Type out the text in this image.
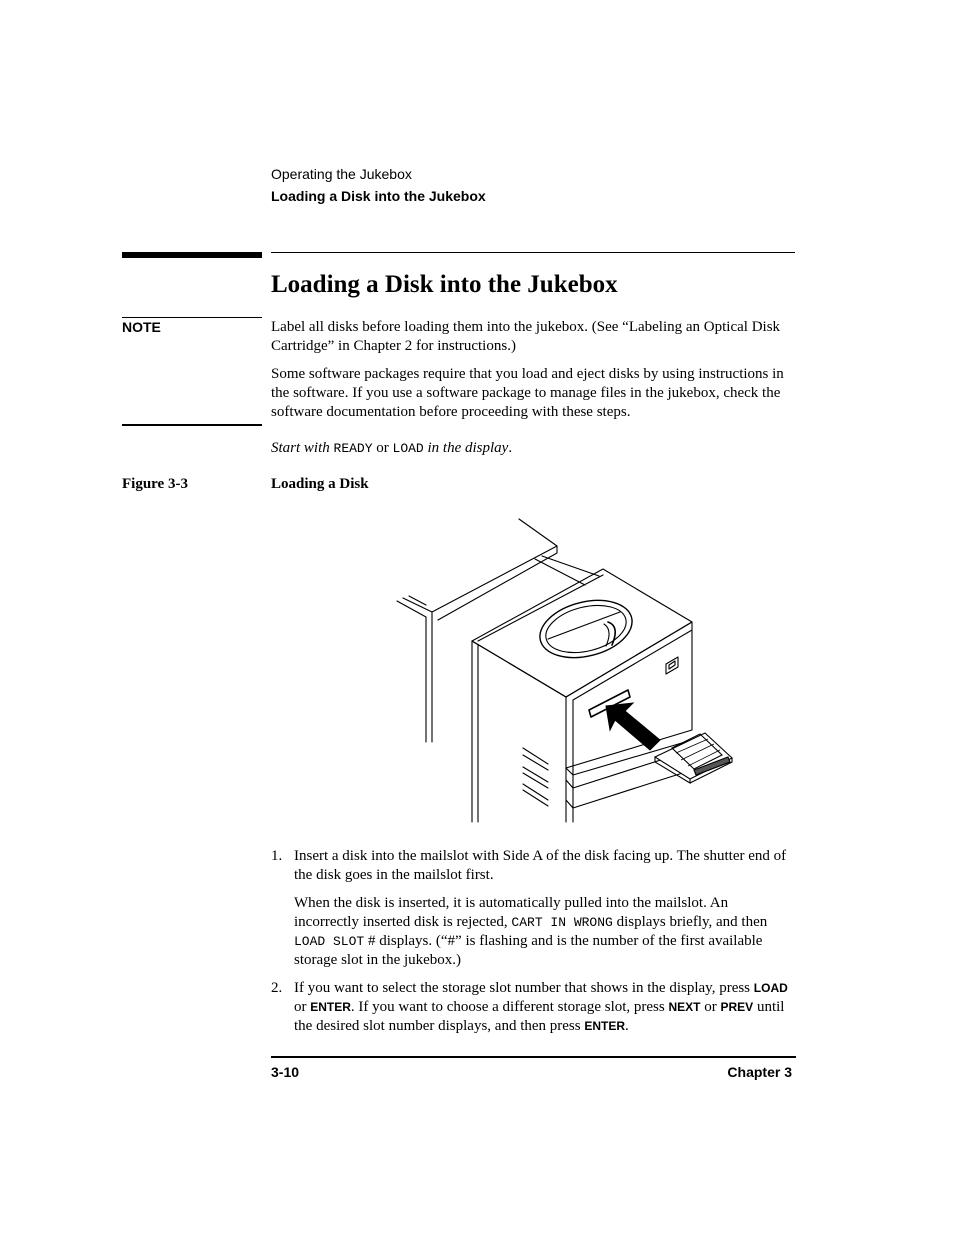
Operating the Jukebox
Loading a Disk into the Jukebox
Loading a Disk into the Jukebox
NOTE	Label all disks before loading them into the jukebox. (See “Labeling an Optical Disk Cartridge” in Chapter 2 for instructions.)

Some software packages require that you load and eject disks by using instructions in the software. If you use a software package to manage files in the jukebox, check the software documentation before proceeding with these steps.

Start with READY or LOAD in the display.

Figure 3-3	Loading a Disk
1. Insert a disk into the mailslot with Side A of the disk facing up. The shutter end of the disk goes in the mailslot first.

When the disk is inserted, it is automatically pulled into the mailslot. An incorrectly inserted disk is rejected, CART IN WRONG displays briefly, and then LOAD SLOT # displays. (“#” is flashing and is the number of the first available storage slot in the jukebox.)

2. If you want to select the storage slot number that shows in the display, press LOAD or ENTER. If you want to choose a different storage slot, press NEXT or PREV until the desired slot number displays, and then press ENTER.

3-10	Chapter 3
